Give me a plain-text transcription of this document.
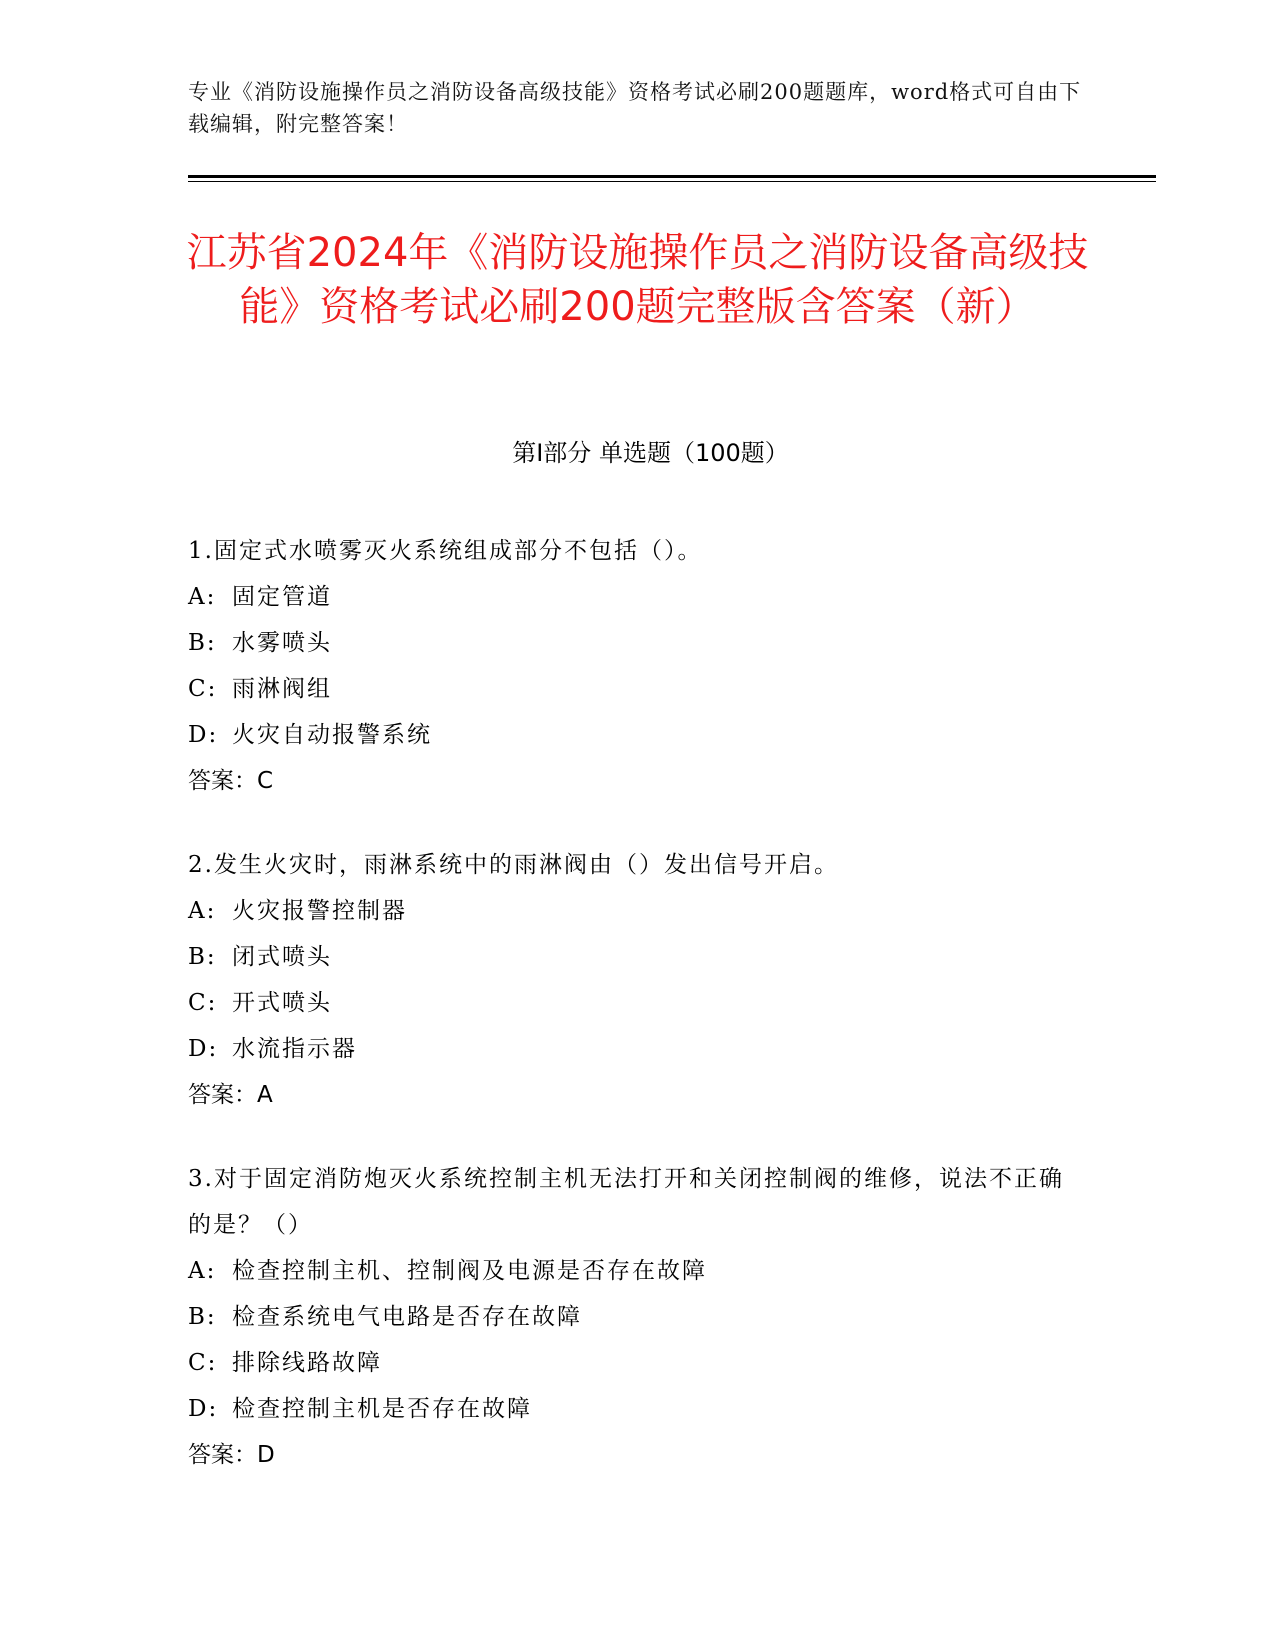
专业《消防设施操作员之消防设备高级技能》资格考试必刷200题题库，word格式可自由下载编辑，附完整答案！
江苏省2024年《消防设施操作员之消防设备高级技能》资格考试必刷200题完整版含答案（新）
第Ⅰ部分 单选题（100题）
1.固定式水喷雾灭火系统组成部分不包括（）。
A: 固定管道
B: 水雾喷头
C: 雨淋阀组
D: 火灾自动报警系统
答案：C
2.发生火灾时，雨淋系统中的雨淋阀由（）发出信号开启。
A: 火灾报警控制器
B: 闭式喷头
C: 开式喷头
D: 水流指示器
答案：A
3.对于固定消防炮灭火系统控制主机无法打开和关闭控制阀的维修，说法不正确的是？（）
A: 检查控制主机、控制阀及电源是否存在故障
B: 检查系统电气电路是否存在故障
C: 排除线路故障
D: 检查控制主机是否存在故障
答案：D
